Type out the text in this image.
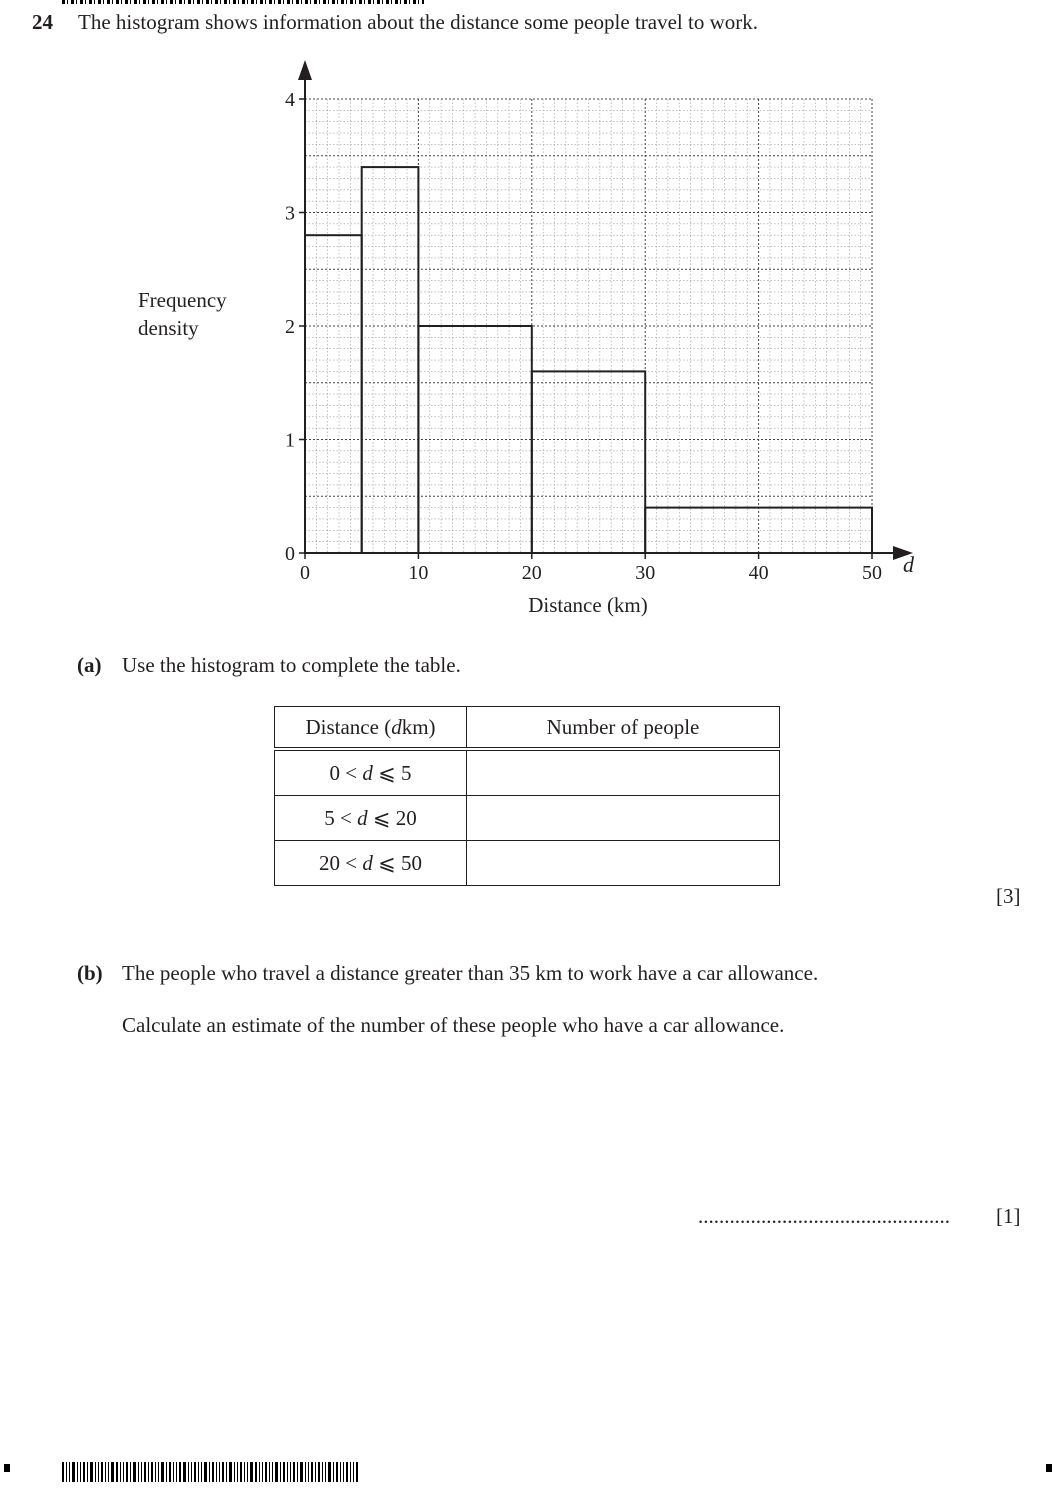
24 The histogram shows information about the distance some people travel to work.
Frequency density
0	10	20	30	40	50
0
1
2
3
4
d
Distance (km)
(a) Use the histogram to complete the table.
Distance (dkm)	Number of people
0 < d ⩽ 5	
5 < d ⩽ 20	
20 < d ⩽ 50	
[3]
(b) The people who travel a distance greater than 35 km to work have a car allowance.
Calculate an estimate of the number of these people who have a car allowance.
................................................ [1]
